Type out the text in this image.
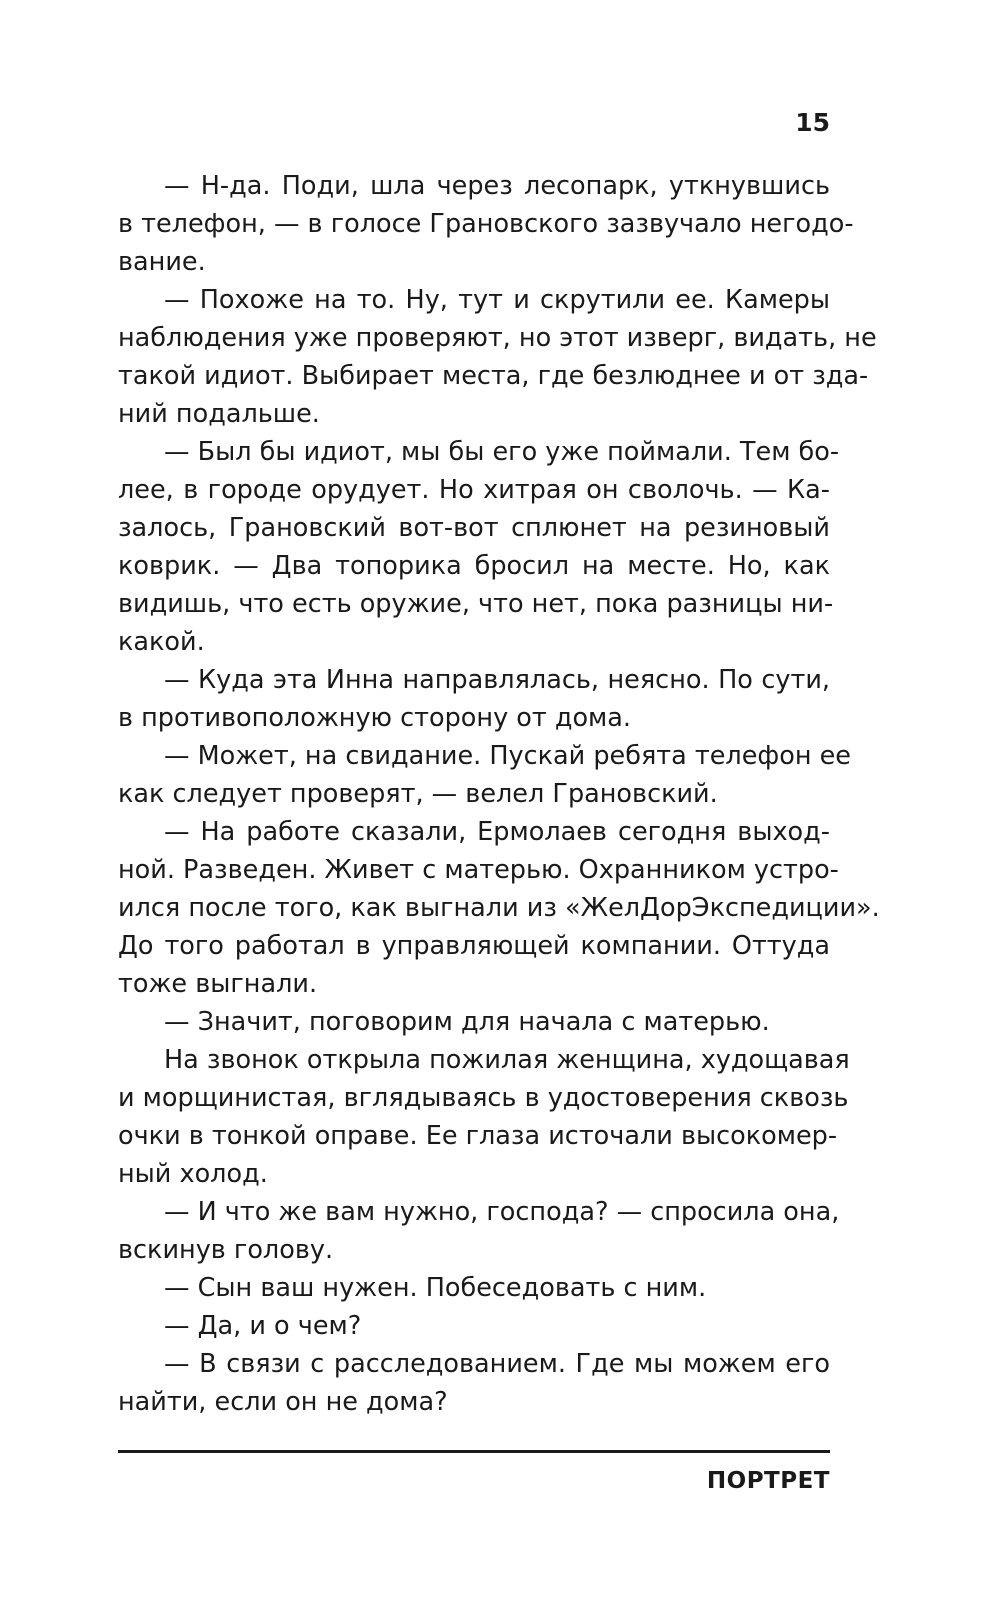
15
— Н-да. Поди, шла через лесопарк, уткнувшись
в телефон, — в голосе Грановского зазвучало негодо-
вание.
— Похоже на то. Ну, тут и скрутили ее. Камеры
наблюдения уже проверяют, но этот изверг, видать, не
такой идиот. Выбирает места, где безлюднее и от зда-
ний подальше.
— Был бы идиот, мы бы его уже поймали. Тем бо-
лее, в городе орудует. Но хитрая он сволочь. — Ка-
залось, Грановский вот-вот сплюнет на резиновый
коврик. — Два топорика бросил на месте. Но, как
видишь, что есть оружие, что нет, пока разницы ни-
какой.
— Куда эта Инна направлялась, неясно. По сути,
в противоположную сторону от дома.
— Может, на свидание. Пускай ребята телефон ее
как следует проверят, — велел Грановский.
— На работе сказали, Ермолаев сегодня выход-
ной. Разведен. Живет с матерью. Охранником устро-
ился после того, как выгнали из «ЖелДорЭкспедиции».
До того работал в управляющей компании. Оттуда
тоже выгнали.
— Значит, поговорим для начала с матерью.
На звонок открыла пожилая женщина, худощавая
и морщинистая, вглядываясь в удостоверения сквозь
очки в тонкой оправе. Ее глаза источали высокомер-
ный холод.
— И что же вам нужно, господа? — спросила она,
вскинув голову.
— Сын ваш нужен. Побеседовать с ним.
— Да, и о чем?
— В связи с расследованием. Где мы можем его
найти, если он не дома?
ПОРТРЕТ
